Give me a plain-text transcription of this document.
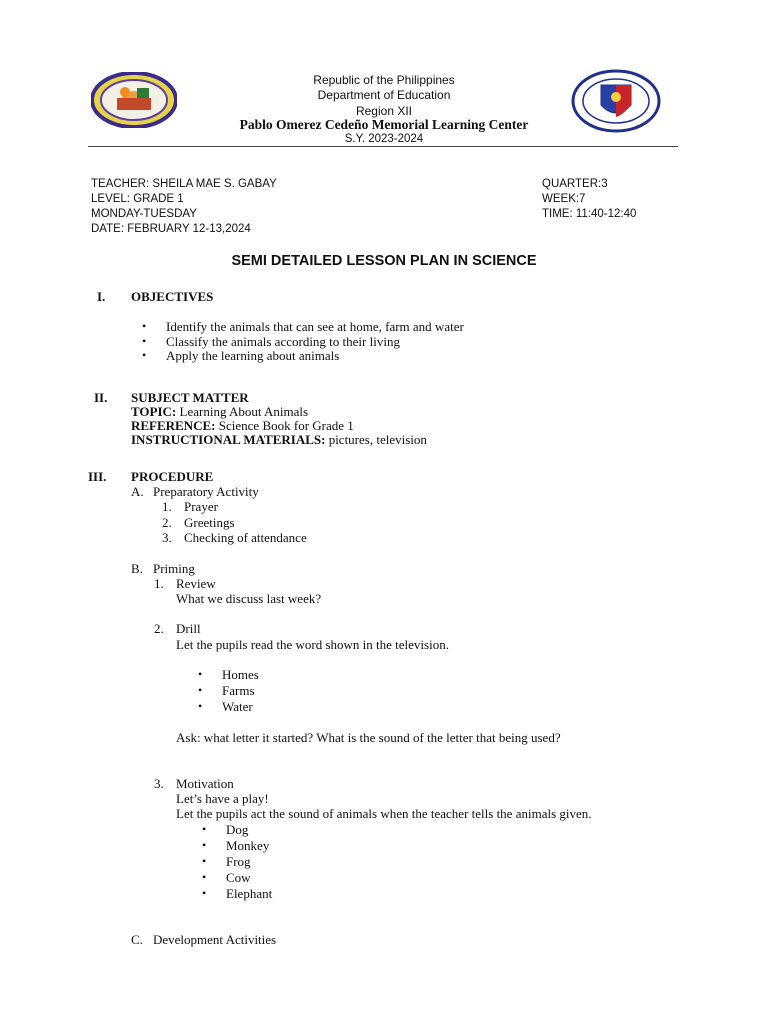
Republic of the Philippines
Department of Education
Region XII
Pablo Omerez Cedeño Memorial Learning Center
S.Y. 2023-2024
TEACHER: SHEILA MAE S. GABAY
LEVEL: GRADE 1
MONDAY-TUESDAY
DATE: FEBRUARY 12-13,2024
QUARTER:3
WEEK:7
TIME: 11:40-12:40
SEMI DETAILED LESSON PLAN IN SCIENCE
I. OBJECTIVES
• Identify the animals that can see at home, farm and water
• Classify the animals according to their living
• Apply the learning about animals
II. SUBJECT MATTER
TOPIC: Learning About Animals
REFERENCE: Science Book for Grade 1
INSTRUCTIONAL MATERIALS: pictures, television
III. PROCEDURE
A. Preparatory Activity
1. Prayer
2. Greetings
3. Checking of attendance
B. Priming
1. Review
What we discuss last week?
2. Drill
Let the pupils read the word shown in the television.
• Homes
• Farms
• Water
Ask: what letter it started? What is the sound of the letter that being used?
3. Motivation
Let’s have a play!
Let the pupils act the sound of animals when the teacher tells the animals given.
• Dog
• Monkey
• Frog
• Cow
• Elephant
C. Development Activities
